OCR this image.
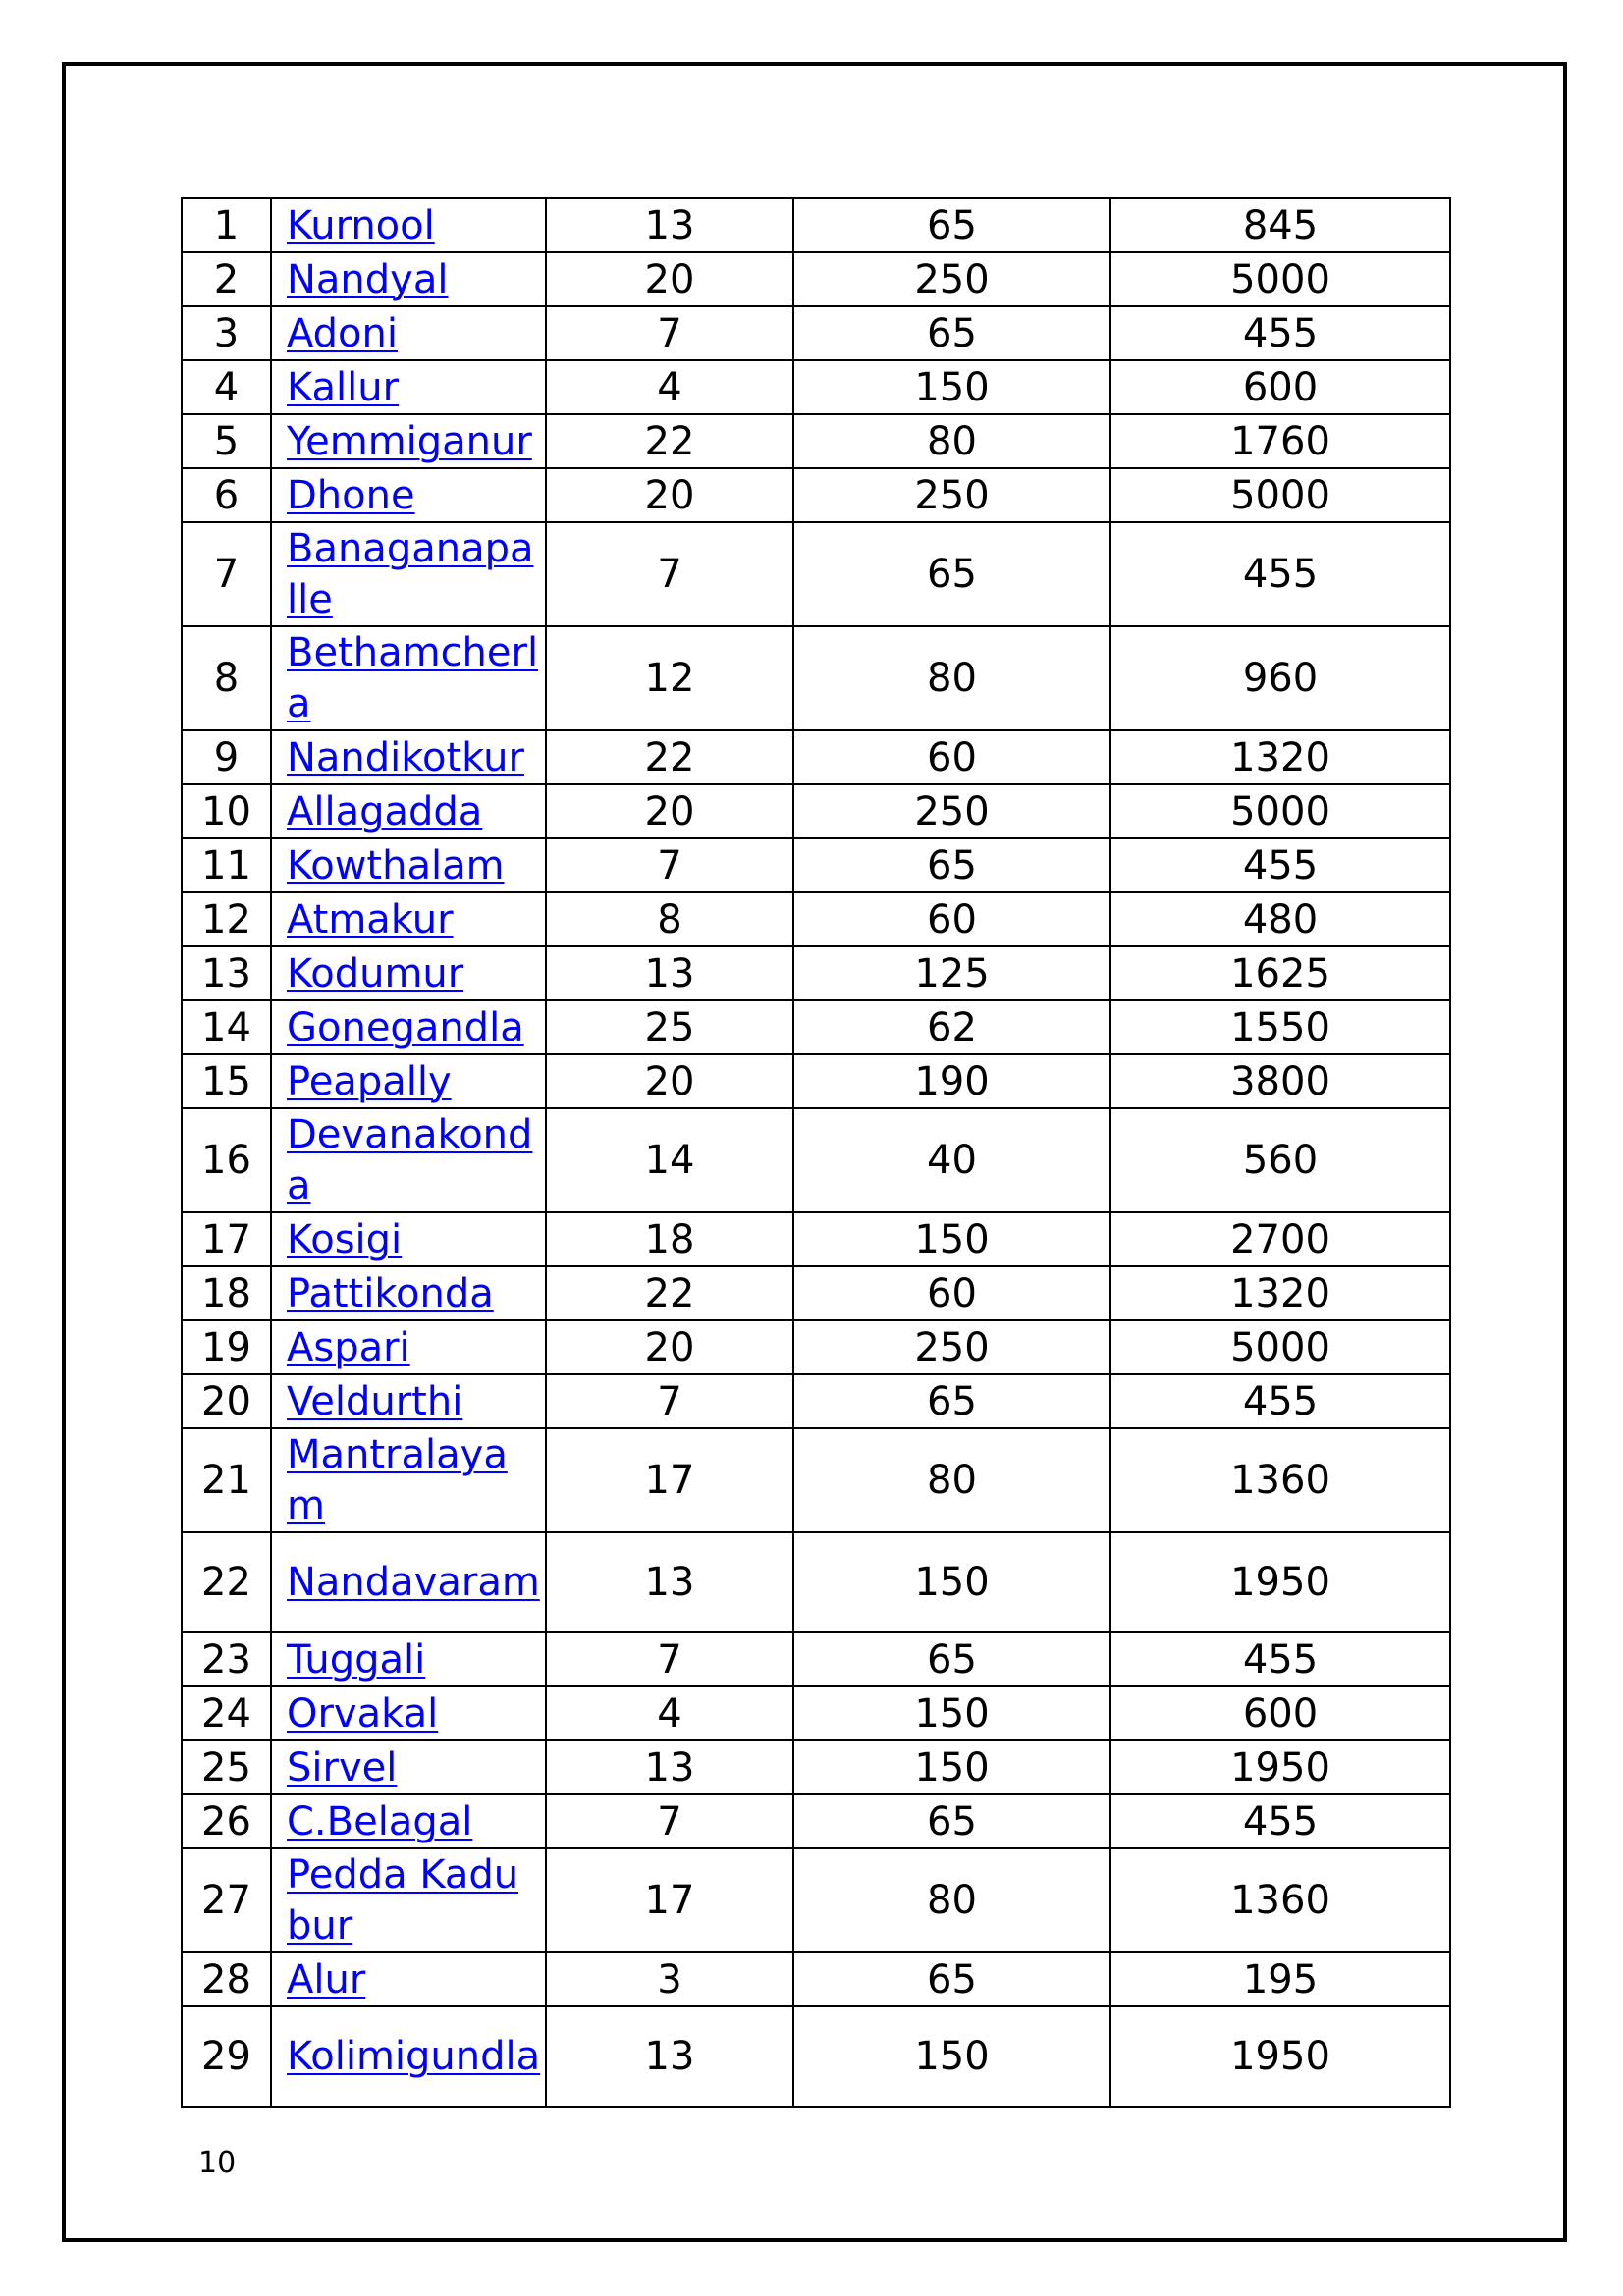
1	Kurnool	13	65	845
2	Nandyal	20	250	5000
3	Adoni	7	65	455
4	Kallur	4	150	600
5	Yemmiganur	22	80	1760
6	Dhone	20	250	5000
7	Banaganapalle	7	65	455
8	Bethamcherla	12	80	960
9	Nandikotkur	22	60	1320
10	Allagadda	20	250	5000
11	Kowthalam	7	65	455
12	Atmakur	8	60	480
13	Kodumur	13	125	1625
14	Gonegandla	25	62	1550
15	Peapally	20	190	3800
16	Devanakonda	14	40	560
17	Kosigi	18	150	2700
18	Pattikonda	22	60	1320
19	Aspari	20	250	5000
20	Veldurthi	7	65	455
21	Mantralayam	17	80	1360
22	Nandavaram	13	150	1950
23	Tuggali	7	65	455
24	Orvakal	4	150	600
25	Sirvel	13	150	1950
26	C.Belagal	7	65	455
27	Pedda Kadubur	17	80	1360
28	Alur	3	65	195
29	Kolimigundla	13	150	1950
10
